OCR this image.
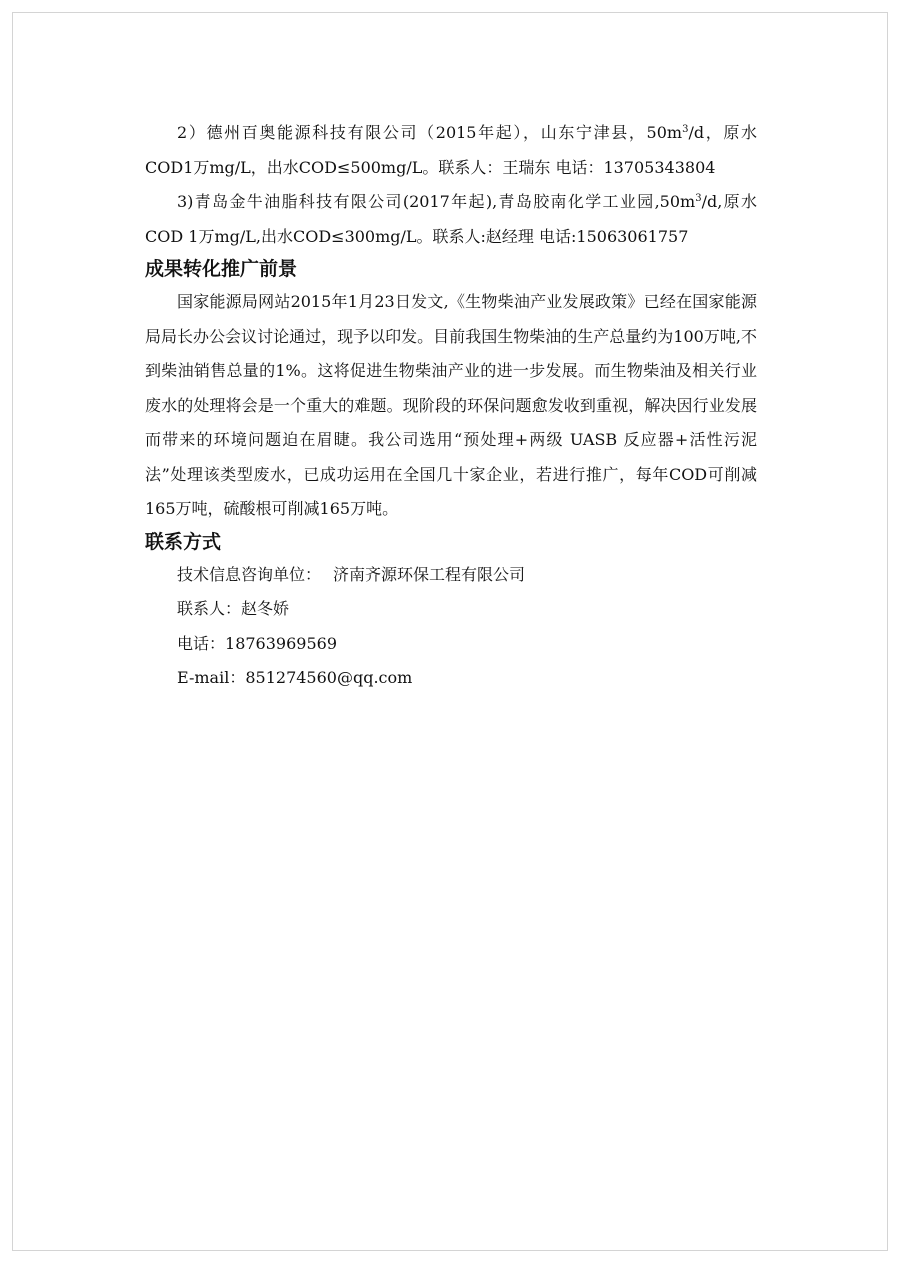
2）德州百奥能源科技有限公司（2015年起），山东宁津县，$50m^3/d$，原水COD1万mg/L，出水COD≤500mg/L。联系人：王瑞东 电话：13705343804

3)青岛金牛油脂科技有限公司(2017年起),青岛胶南化学工业园$,50m^3/d$,原水COD 1万mg/L,出水COD≤300mg/L。联系人:赵经理 电话:15063061757

成果转化推广前景

国家能源局网站2015年1月23日发文,《生物柴油产业发展政策》已经在国家能源局局长办公会议讨论通过，现予以印发。目前我国生物柴油的生产总量约为100万吨,不到柴油销售总量的1%。这将促进生物柴油产业的进一步发展。而生物柴油及相关行业废水的处理将会是一个重大的难题。现阶段的环保问题愈发收到重视，解决因行业发展而带来的环境问题迫在眉睫。我公司选用“预处理+两级 UASB 反应器+活性污泥法”处理该类型废水，已成功运用在全国几十家企业，若进行推广，每年COD可削减165万吨，硫酸根可削减165万吨。

联系方式

技术信息咨询单位： 济南齐源环保工程有限公司

联系人：赵冬娇

电话：18763969569

E-mail：851274560@qq.com
